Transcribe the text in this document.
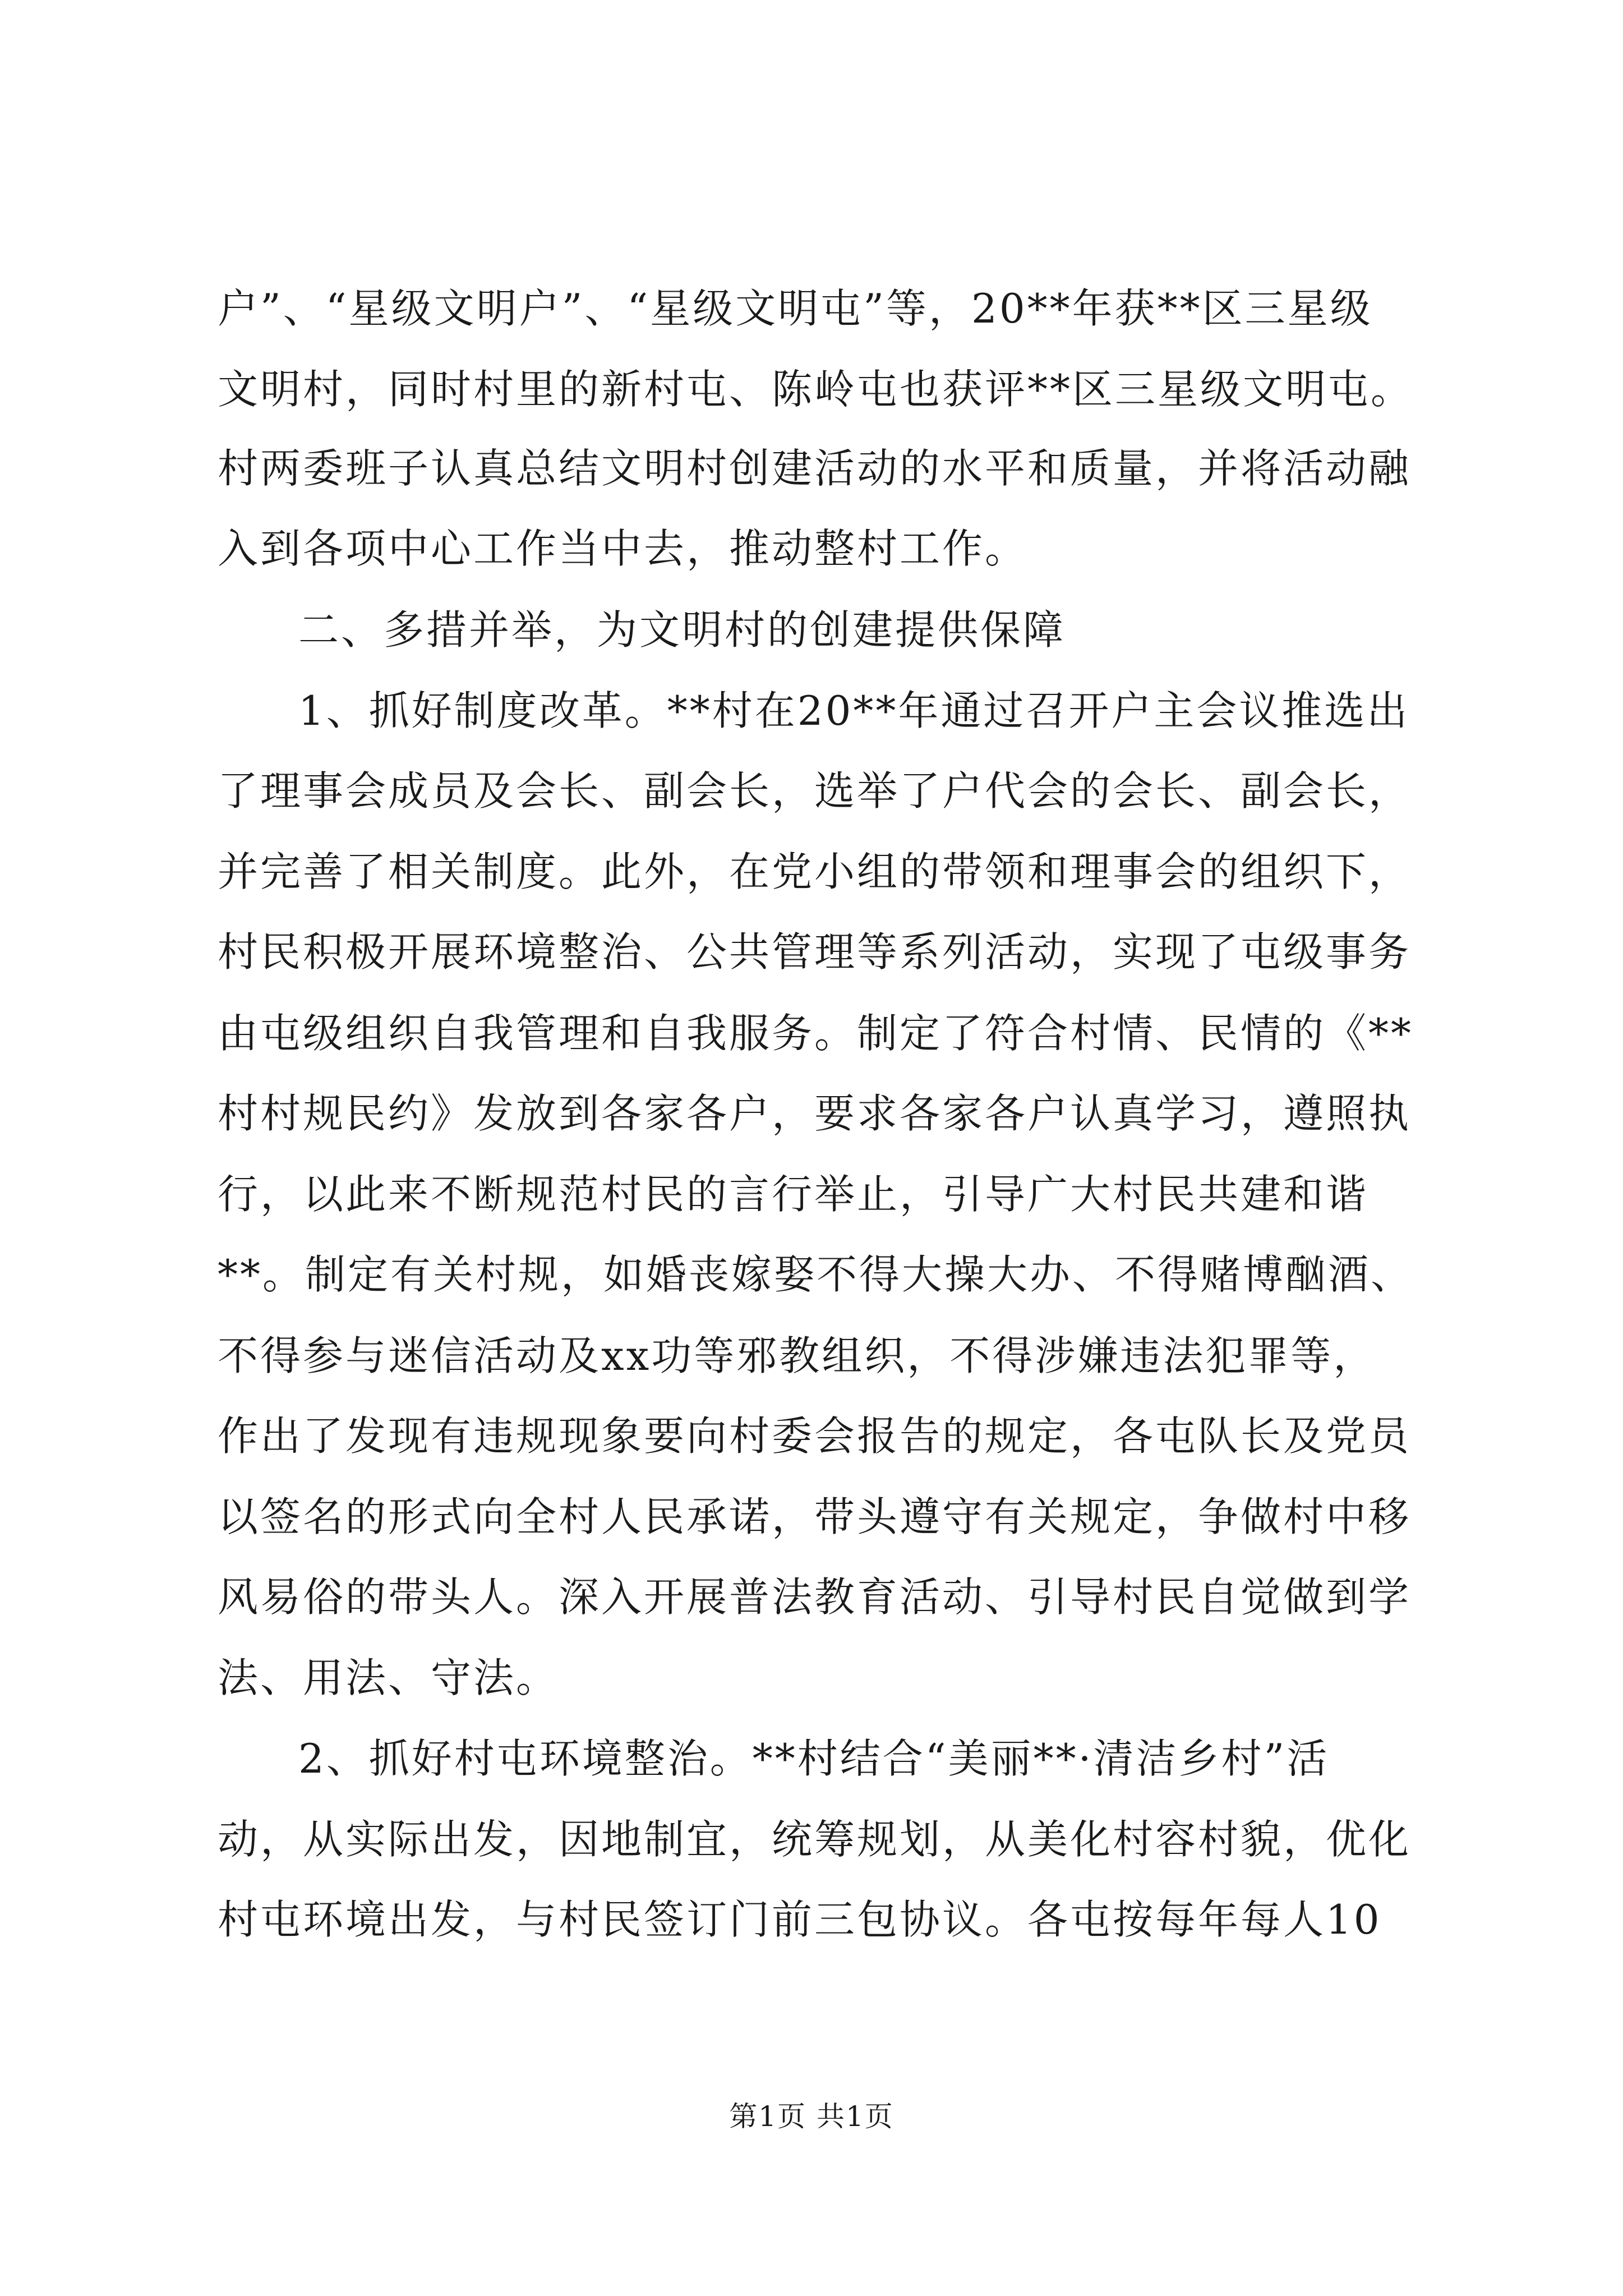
户”、“星级文明户”、“星级文明屯”等，20**年获**区三星级
文明村，同时村里的新村屯、陈岭屯也获评**区三星级文明屯。
村两委班子认真总结文明村创建活动的水平和质量，并将活动融
入到各项中心工作当中去，推动整村工作。
二、多措并举，为文明村的创建提供保障
1、抓好制度改革。**村在20**年通过召开户主会议推选出
了理事会成员及会长、副会长，选举了户代会的会长、副会长，
并完善了相关制度。此外，在党小组的带领和理事会的组织下，
村民积极开展环境整治、公共管理等系列活动，实现了屯级事务
由屯级组织自我管理和自我服务。制定了符合村情、民情的《**
村村规民约》发放到各家各户，要求各家各户认真学习，遵照执
行，以此来不断规范村民的言行举止，引导广大村民共建和谐
**。制定有关村规，如婚丧嫁娶不得大操大办、不得赌博酗酒、
不得参与迷信活动及xx功等邪教组织，不得涉嫌违法犯罪等，
作出了发现有违规现象要向村委会报告的规定，各屯队长及党员
以签名的形式向全村人民承诺，带头遵守有关规定，争做村中移
风易俗的带头人。深入开展普法教育活动、引导村民自觉做到学
法、用法、守法。
2、抓好村屯环境整治。**村结合“美丽**·清洁乡村”活
动，从实际出发，因地制宜，统筹规划，从美化村容村貌，优化
村屯环境出发，与村民签订门前三包协议。各屯按每年每人10
第1页 共1页
